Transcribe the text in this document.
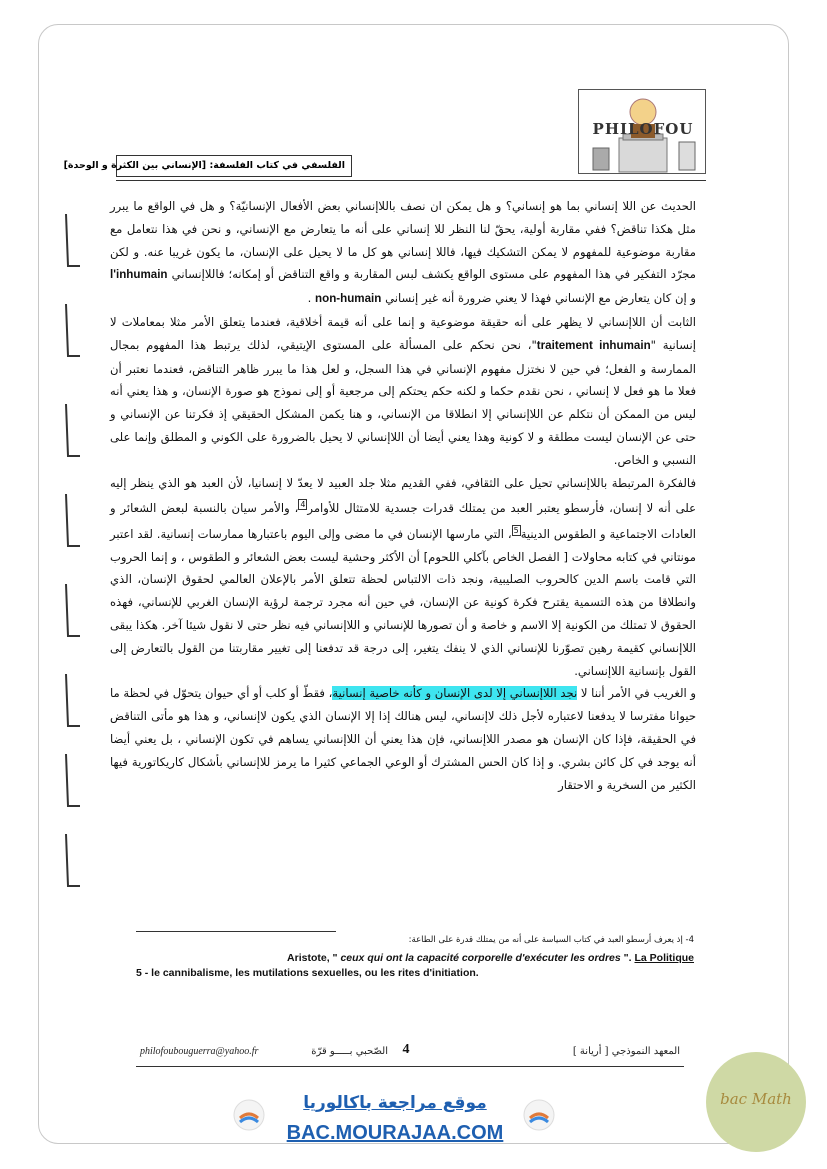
PHILOFOU
الفلسفي في كتاب الفلسفة: [الإنساني بين الكثرة و الوحدة]

الحديث عن اللا إنساني بما هو إنساني؟ و هل يمكن ان نصف باللاإنساني بعض الأفعال الإنسانيّة؟ و هل في الواقع ما يبرر مثل هكذا تناقض؟ ففي مقاربة أولية، يحقّ لنا النظر للا إنساني على أنه ما يتعارض مع الإنساني، و نحن في هذا نتعامل مع مقاربة موضوعية للمفهوم لا يمكن التشكيك فيها، فاللا إنساني هو كل ما لا يحيل على الإنسان، ما يكون غريبا عنه. و لكن مجرّد التفكير في هذا المفهوم على مستوى الواقع يكشف لبس المقاربة و واقع التناقض أو إمكانه؛ فاللاإنساني l'inhumain و إن كان يتعارض مع الإنساني فهذا لا يعني ضرورة أنه غير إنساني non-humain .

الثابت أن اللاإنساني لا يظهر على أنه حقيقة موضوعية و إنما على أنه قيمة أخلاقية، فعندما يتعلق الأمر مثلا بمعاملات لا إنسانية "traitement inhumain"، نحن نحكم على المسألة على المستوى الإيتيقي، لذلك يرتبط هذا المفهوم بمجال الممارسة و الفعل؛ في حين لا نختزل مفهوم الإنساني في هذا السجل، و لعل هذا ما يبرر ظاهر التناقض، فعندما نعتبر أن فعلا ما هو فعل لا إنساني ، نحن نقدم حكما و لكنه حكم يحتكم إلى مرجعية أو إلى نموذج هو صورة الإنسان، و هذا يعني أنه ليس من الممكن أن نتكلم عن اللاإنساني إلا انطلاقا من الإنساني، و هنا يكمن المشكل الحقيقي إذ فكرتنا عن الإنساني و حتى عن الإنسان ليست مطلقة و لا كونية وهذا يعني أيضا أن اللاإنساني لا يحيل بالضرورة على الكوني و المطلق وإنما على النسبي و الخاص.

فالفكرة المرتبطة باللاإنساني تحيل على الثقافي، ففي القديم مثلا جلد العبيد لا يعدّ لا إنسانيا، لأن العبد هو الذي ينظر إليه على أنه لا إنسان، فأرسطو يعتبر العبد من يمتلك قدرات جسدية للامتثال للأوامر$^4$، والأمر سيان بالنسبة لبعض الشعائر و العادات الاجتماعية و الطقوس الدينية$^5$، التي مارسها الإنسان في ما مضى وإلى اليوم باعتبارها ممارسات إنسانية. لقد اعتبر مونتاني في كتابه محاولات [ الفصل الخاص بآكلي اللحوم] أن الأكثر وحشية ليست بعض الشعائر و الطقوس ، و إنما الحروب التي قامت باسم الدين كالحروب الصليبية، ونجد ذات الالتباس لحظة تتعلق الأمر بالإعلان العالمي لحقوق الإنسان، الذي وانطلاقا من هذه التسمية يقترح فكرة كونية عن الإنسان، في حين أنه مجرد ترجمة لرؤية الإنسان الغربي للإنساني، فهذه الحقوق لا تمتلك من الكونية إلا الاسم و خاصة و أن تصورها للإنساني و اللاإنساني فيه نظر حتى لا نقول شيئا آخر. هكذا يبقى اللاإنساني كقيمة رهين تصوّرنا للإنساني الذي لا ينفك يتغير، إلى درجة قد تدفعنا إلى تغيير مقاربتنا من القول بالتعارض إلى القول بإنسانية اللاإنساني.

و الغريب في الأمر أننا لا نجد اللاإنساني إلا لدى الإنسان و كأنه خاصية إنسانية، فقطّ أو كلب أو أي حيوان يتحوّل في لحظة ما حيوانا مفترسا لا يدفعنا لاعتباره لأجل ذلك لاإنساني، ليس هنالك إذا إلا الإنسان الذي يكون لاإنساني، و هذا هو مأتى التناقض في الحقيقة، فإذا كان الإنسان هو مصدر اللاإنساني، فإن هذا يعني أن اللاإنساني يساهم في تكون الإنساني ، بل يعني أيضا أنه يوجد في كل كائن بشري. و إذا كان الحس المشترك أو الوعي الجماعي كثيرا ما يرمز للاإنساني بأشكال كاريكاتورية فيها الكثير من السخرية و الاحتقار

4- إذ يعرف أرسطو العبد في كتاب السياسة على أنه من يمتلك قدرة على الطاعة:
Aristote, " ceux qui ont la capacité corporelle d'exécuter les ordres ". La Politique
5 - le cannibalisme, les mutilations sexuelles, ou les rites d'initiation.
المعهد النموذجي [ أريانة ]
4
الصّحبي بـــــو قرّة
philofoubouguerra@yahoo.fr
موقع مراجعة باكالوريا
BAC.MOURAJAA.COM
bac Math
